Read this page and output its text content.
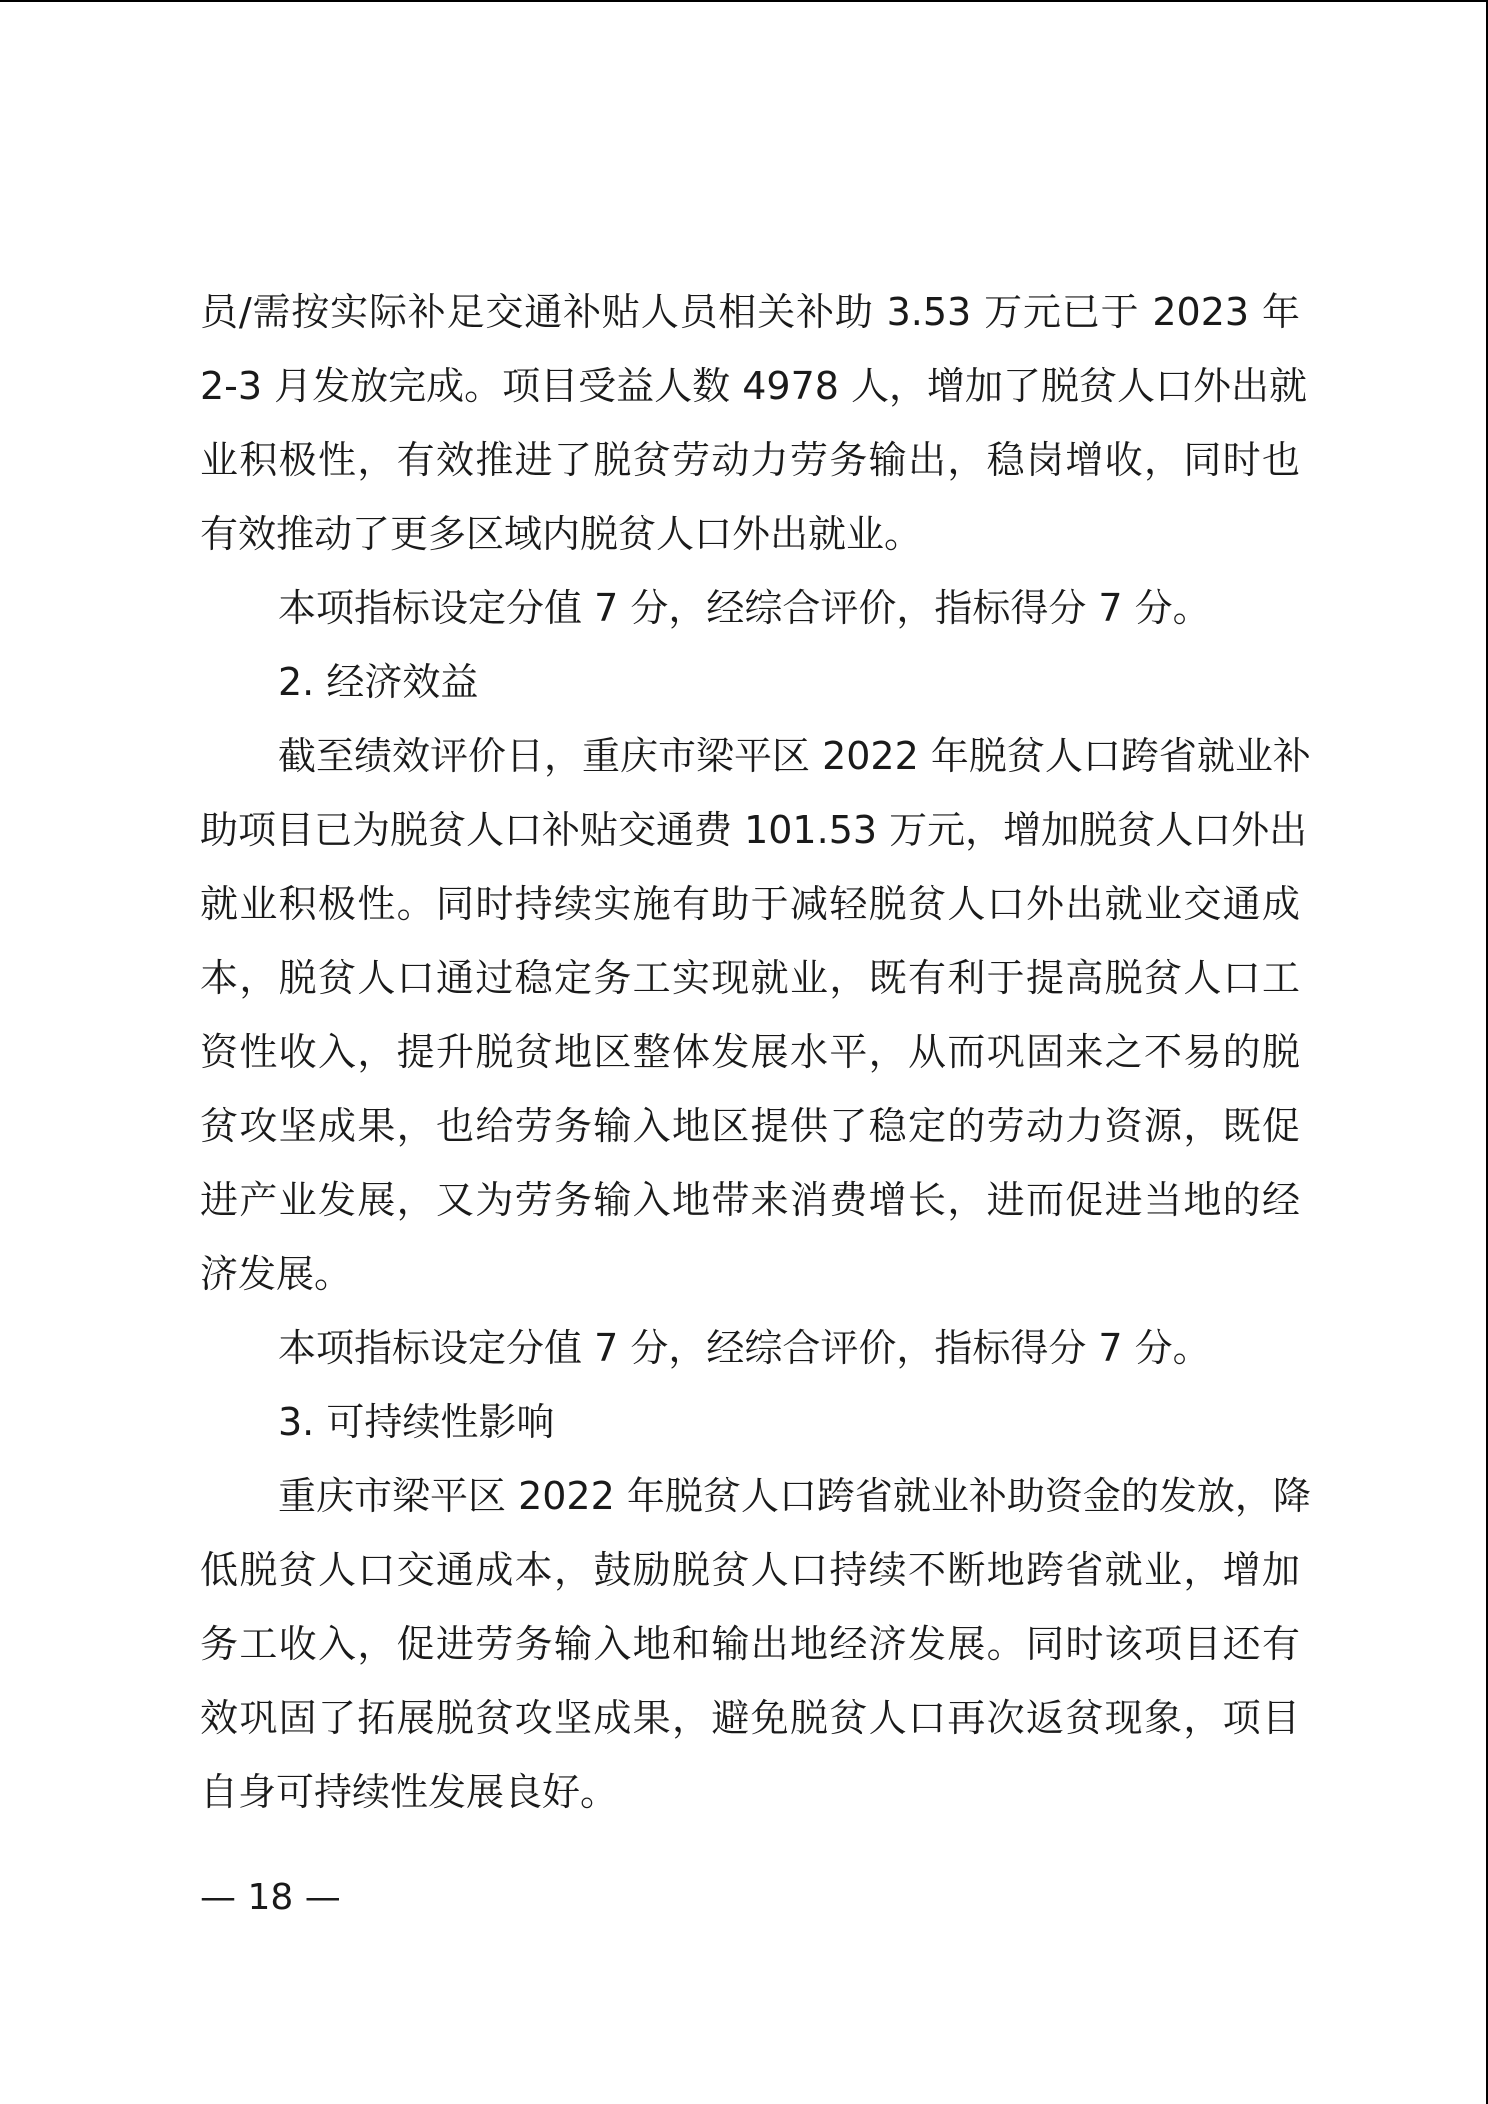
员/需按实际补足交通补贴人员相关补助 3.53 万元已于 2023 年
2-3 月发放完成。项目受益人数 4978 人，增加了脱贫人口外出就
业积极性，有效推进了脱贫劳动力劳务输出，稳岗增收，同时也
有效推动了更多区域内脱贫人口外出就业。
本项指标设定分值 7 分，经综合评价，指标得分 7 分。
2. 经济效益
截至绩效评价日，重庆市梁平区 2022 年脱贫人口跨省就业补
助项目已为脱贫人口补贴交通费 101.53 万元，增加脱贫人口外出
就业积极性。同时持续实施有助于减轻脱贫人口外出就业交通成
本，脱贫人口通过稳定务工实现就业，既有利于提高脱贫人口工
资性收入，提升脱贫地区整体发展水平，从而巩固来之不易的脱
贫攻坚成果，也给劳务输入地区提供了稳定的劳动力资源，既促
进产业发展，又为劳务输入地带来消费增长，进而促进当地的经
济发展。
本项指标设定分值 7 分，经综合评价，指标得分 7 分。
3. 可持续性影响
重庆市梁平区 2022 年脱贫人口跨省就业补助资金的发放，降
低脱贫人口交通成本，鼓励脱贫人口持续不断地跨省就业，增加
务工收入，促进劳务输入地和输出地经济发展。同时该项目还有
效巩固了拓展脱贫攻坚成果，避免脱贫人口再次返贫现象，项目
自身可持续性发展良好。
— 18 —
